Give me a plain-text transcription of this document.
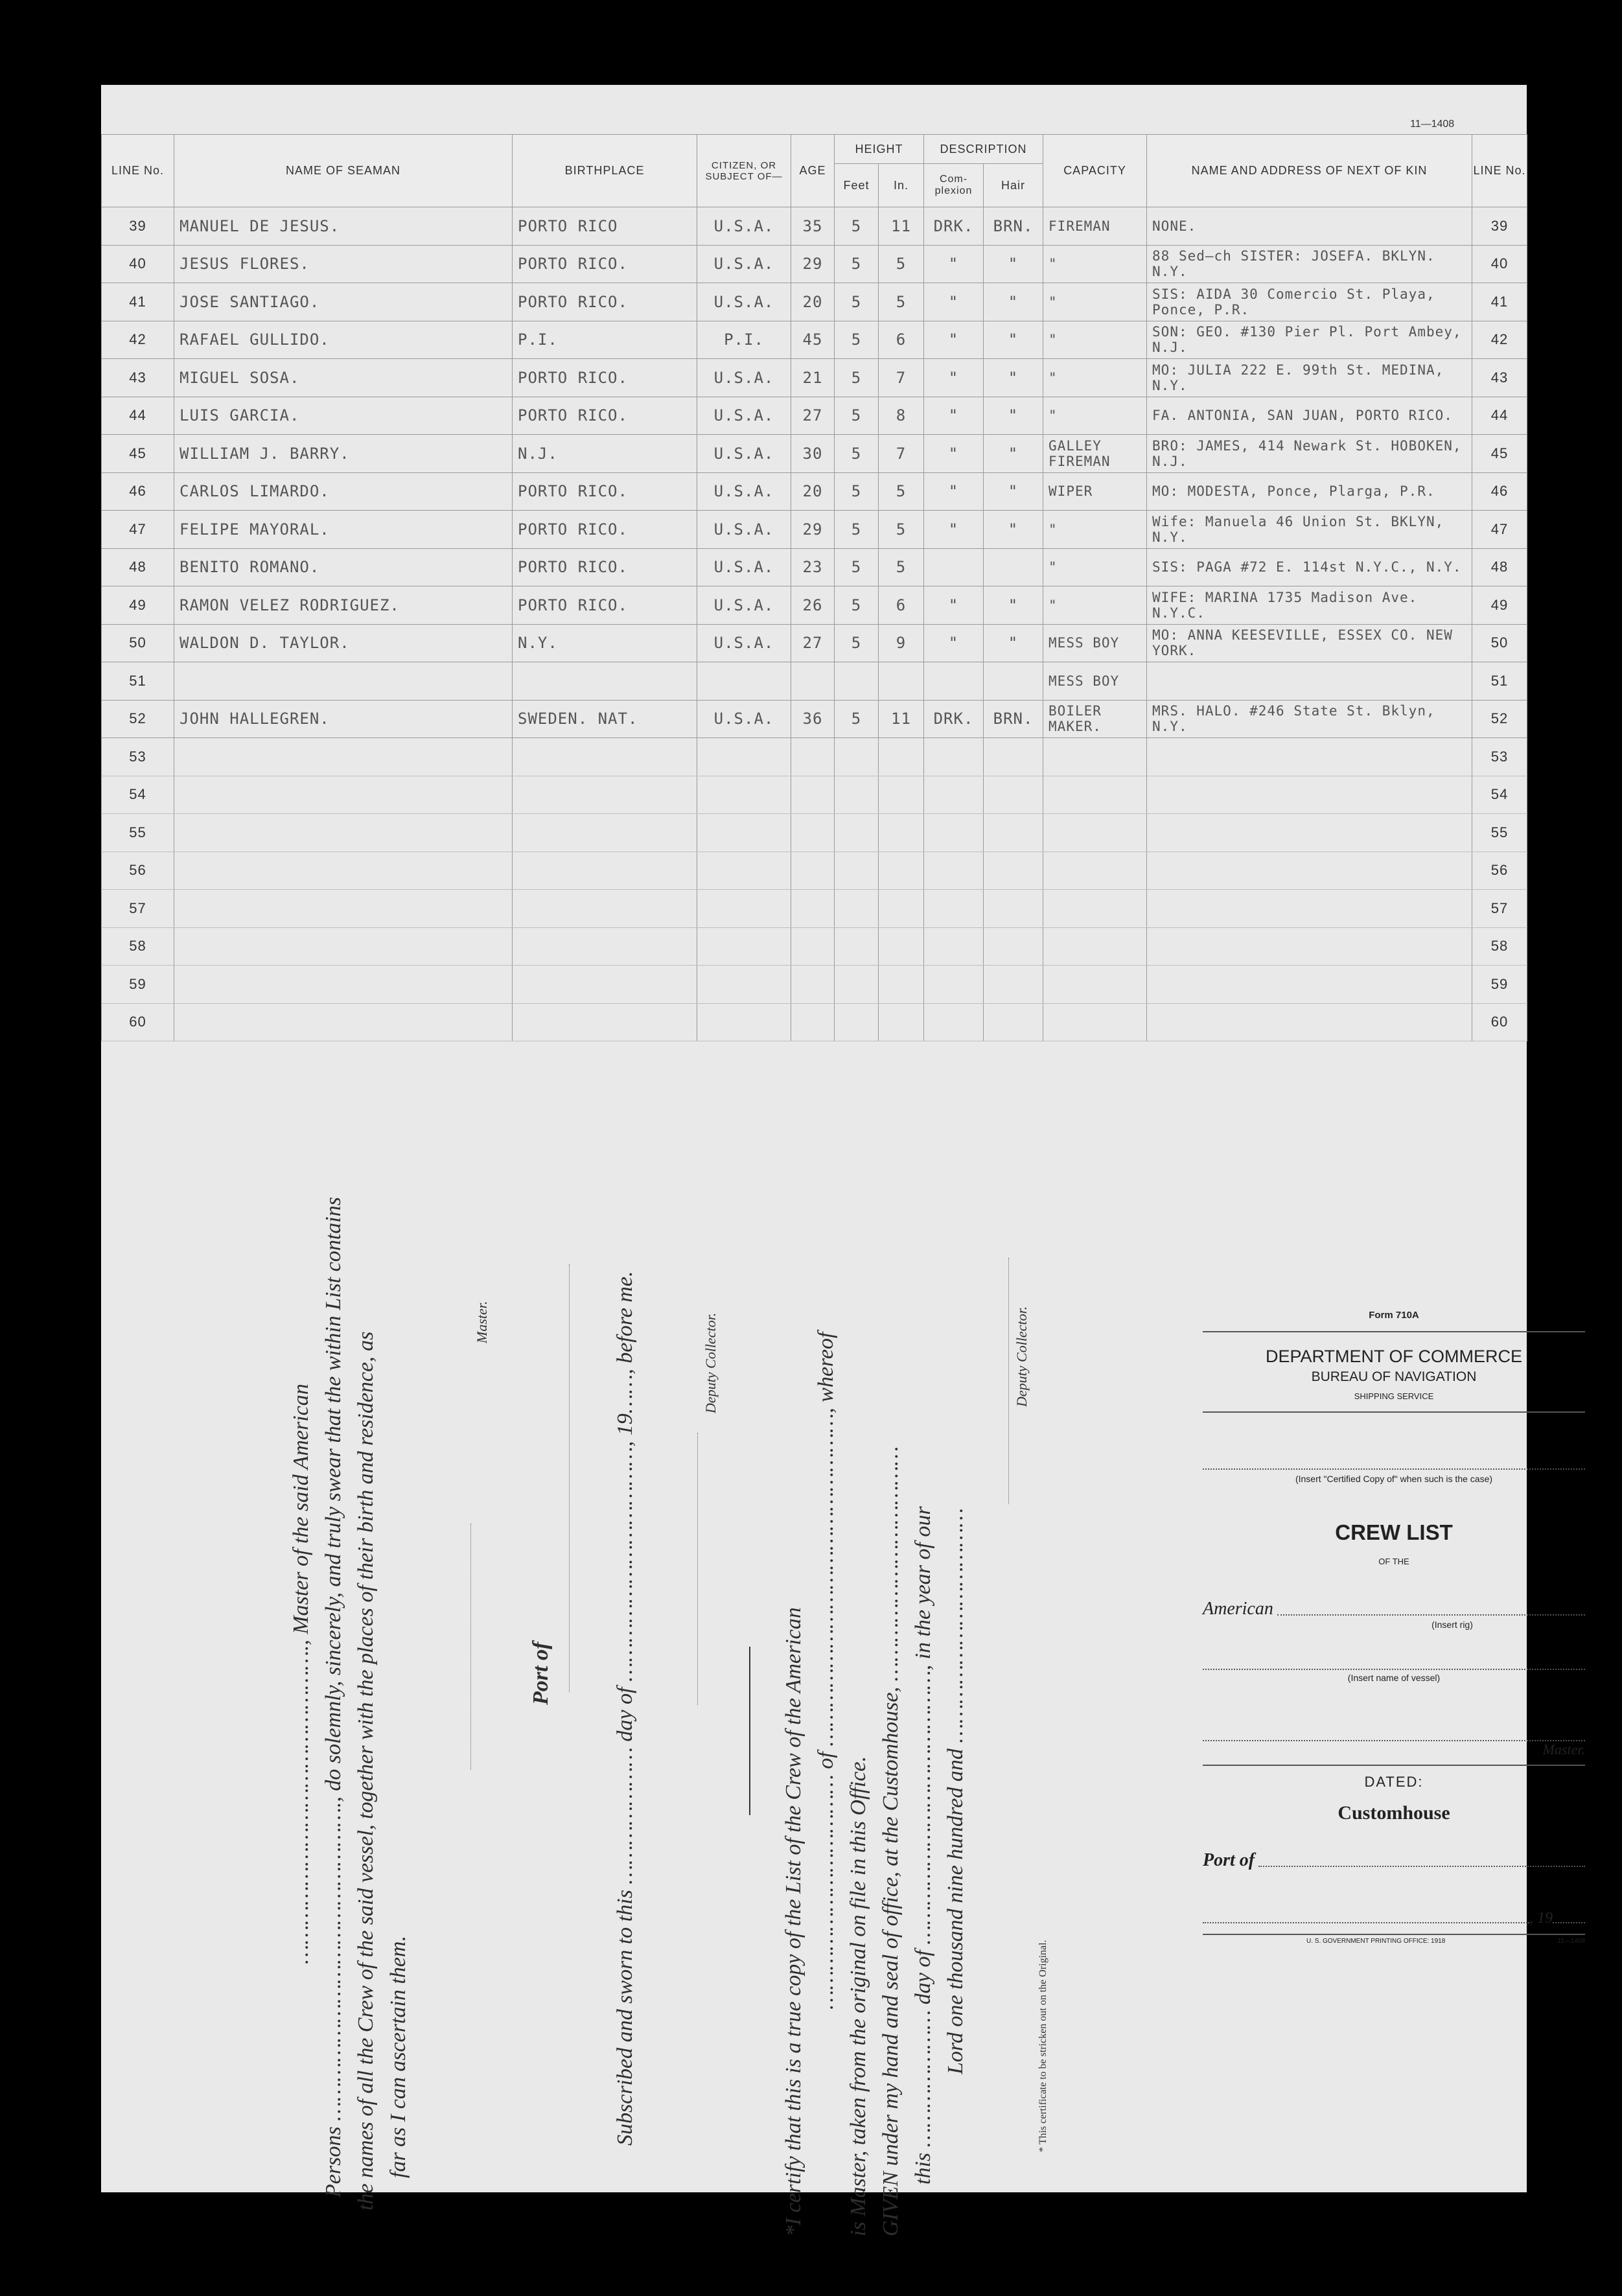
11—1408
LINE No.	NAME OF SEAMAN	BIRTHPLACE	CITIZEN, OR SUBJECT OF—	AGE	HEIGHT		DESCRIPTION		CAPACITY	NAME AND ADDRESS OF NEXT OF KIN	LINE No.
					Feet	In.	Com-plexion	Hair			
39	MANUEL DE JESUS.	PORTO RICO	U.S.A.	35	5	11	DRK.	BRN.	FIREMAN	NONE.	39
40	JESUS FLORES.	PORTO RICO.	U.S.A.	29	5	5	"	"	"	88 Sed—ch SISTER: JOSEFA. BKLYN. N.Y.	40
41	JOSE SANTIAGO.	PORTO RICO.	U.S.A.	20	5	5	"	"	"	SIS: AIDA 30 Comercio St. Playa, Ponce, P.R.	41
42	RAFAEL GULLIDO.	P.I.	P.I.	45	5	6	"	"	"	SON: GEO. #130 Pier Pl. Port Ambey, N.J.	42
43	MIGUEL SOSA.	PORTO RICO.	U.S.A.	21	5	7	"	"	"	MO: JULIA 222 E. 99th St. MEDINA, N.Y.	43
44	LUIS GARCIA.	PORTO RICO.	U.S.A.	27	5	8	"	"	"	FA. ANTONIA, SAN JUAN, PORTO RICO.	44
45	WILLIAM J. BARRY.	N.J.	U.S.A.	30	5	7	"	"	GALLEY FIREMAN	BRO: JAMES, 414 Newark St. HOBOKEN, N.J.	45
46	CARLOS LIMARDO.	PORTO RICO.	U.S.A.	20	5	5	"	"	WIPER	MO: MODESTA, Ponce, Plarga, P.R.	46
47	FELIPE MAYORAL.	PORTO RICO.	U.S.A.	29	5	5	"	"	"	Wife: Manuela 46 Union St. BKLYN, N.Y.	47
48	BENITO ROMANO.	PORTO RICO.	U.S.A.	23	5	5			"	SIS: PAGA #72 E. 114st N.Y.C., N.Y.	48
49	RAMON VELEZ RODRIGUEZ.	PORTO RICO.	U.S.A.	26	5	6	"	"	"	WIFE: MARINA 1735 Madison Ave. N.Y.C.	49
50	WALDON D. TAYLOR.	N.Y.	U.S.A.	27	5	9	"	"	MESS BOY	MO: ANNA KEESEVILLE, ESSEX CO. NEW YORK.	50
51									MESS BOY		51
52	JOHN HALLEGREN.	SWEDEN. NAT.	U.S.A.	36	5	11	DRK.	BRN.	BOILER MAKER.	MRS. HALO. #246 State St. Bklyn, N.Y.	52
53											53
54											54
55											55
56											56
57											57
58											58
59											59
60											60
…………………………………………., Master of the said American Persons …………………………………………., do solemnly, sincerely, and truly swear that the within List contains the names of all the Crew of the said vessel, together with the places of their birth and residence, as far as I can ascertain them.
Master.
Port of	Subscribed and sworn to this ………………… day of ………………………………, 19……, before me.	Deputy Collector.
*I certify that this is a true copy of the List of the Crew of the American ……………………………… of ……………………………………………, whereof is Master, taken from the original on file in this Office. GIVEN under my hand and seal of office, at the Customhouse, ……………………………… this ………………… day of ……………………………………, in the year of our Lord one thousand nine hundred and ………………………………
Deputy Collector.
* This certificate to be stricken out on the Original.
Form 710A
DEPARTMENT OF COMMERCE
BUREAU OF NAVIGATION
SHIPPING SERVICE
(Insert "Certified Copy of" when such is the case)
CREW LIST
OF THE
American
(Insert rig)
(Insert name of vessel)
Master.
DATED:
Customhouse
Port of
, 19
U. S. GOVERNMENT PRINTING OFFICE: 1918	11—1408
